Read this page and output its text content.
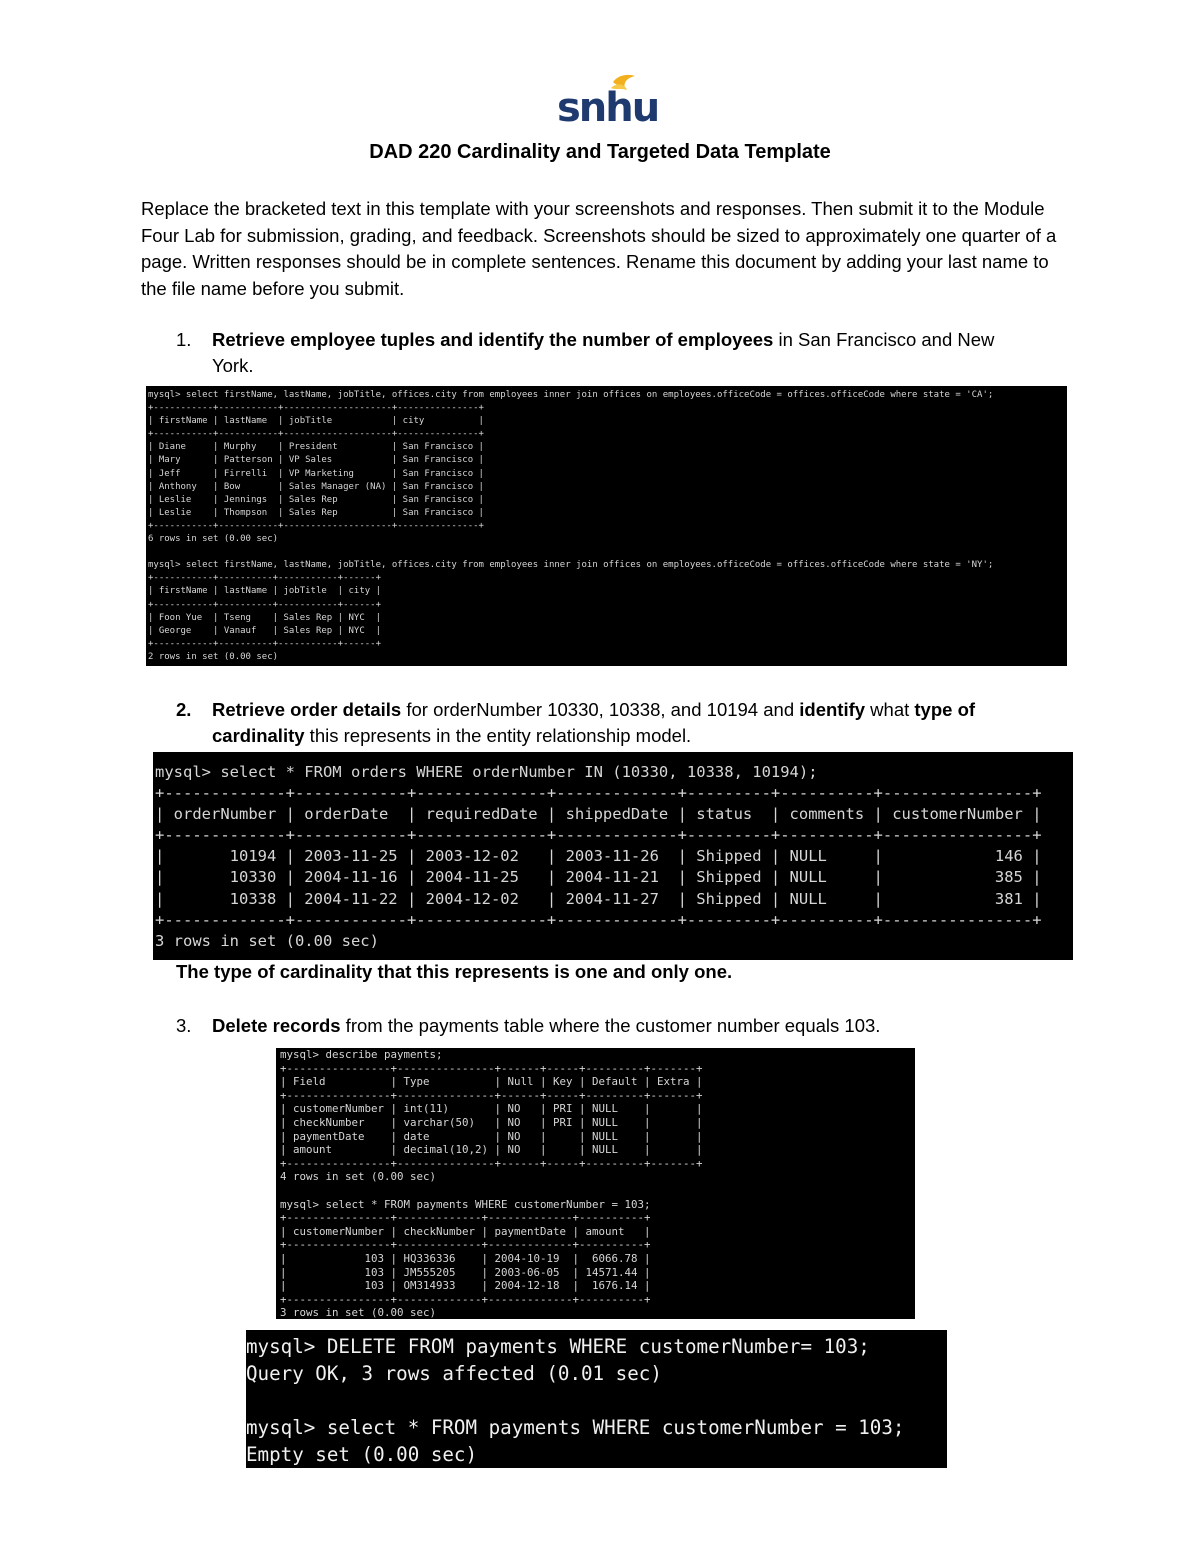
snhu
DAD 220 Cardinality and Targeted Data Template
Replace the bracketed text in this template with your screenshots and responses. Then submit it to the Module Four Lab for submission, grading, and feedback. Screenshots should be sized to approximately one quarter of a page. Written responses should be in complete sentences. Rename this document by adding your last name to the file name before you submit.
1. Retrieve employee tuples and identify the number of employees in San Francisco and New
York.
mysql> select firstName, lastName, jobTitle, offices.city from employees inner join offices on employees.officeCode = offices.officeCode where state = 'CA';
+-----------+-----------+--------------------+---------------+
| firstName | lastName  | jobTitle           | city          |
+-----------+-----------+--------------------+---------------+
| Diane     | Murphy    | President          | San Francisco |
| Mary      | Patterson | VP Sales           | San Francisco |
| Jeff      | Firrelli  | VP Marketing       | San Francisco |
| Anthony   | Bow       | Sales Manager (NA) | San Francisco |
| Leslie    | Jennings  | Sales Rep          | San Francisco |
| Leslie    | Thompson  | Sales Rep          | San Francisco |
+-----------+-----------+--------------------+---------------+
6 rows in set (0.00 sec)

mysql> select firstName, lastName, jobTitle, offices.city from employees inner join offices on employees.officeCode = offices.officeCode where state = 'NY';
+-----------+----------+-----------+------+
| firstName | lastName | jobTitle  | city |
+-----------+----------+-----------+------+
| Foon Yue  | Tseng    | Sales Rep | NYC  |
| George    | Vanauf   | Sales Rep | NYC  |
+-----------+----------+-----------+------+
2 rows in set (0.00 sec)
2. Retrieve order details for orderNumber 10330, 10338, and 10194 and identify what type of
cardinality this represents in the entity relationship model.
mysql> select * FROM orders WHERE orderNumber IN (10330, 10338, 10194);
+-------------+------------+--------------+-------------+---------+----------+----------------+
| orderNumber | orderDate  | requiredDate | shippedDate | status  | comments | customerNumber |
+-------------+------------+--------------+-------------+---------+----------+----------------+
|       10194 | 2003-11-25 | 2003-12-02   | 2003-11-26  | Shipped | NULL     |            146 |
|       10330 | 2004-11-16 | 2004-11-25   | 2004-11-21  | Shipped | NULL     |            385 |
|       10338 | 2004-11-22 | 2004-12-02   | 2004-11-27  | Shipped | NULL     |            381 |
+-------------+------------+--------------+-------------+---------+----------+----------------+
3 rows in set (0.00 sec)
The type of cardinality that this represents is one and only one.
3. Delete records from the payments table where the customer number equals 103.
mysql> describe payments;
+----------------+---------------+------+-----+---------+-------+
| Field          | Type          | Null | Key | Default | Extra |
+----------------+---------------+------+-----+---------+-------+
| customerNumber | int(11)       | NO   | PRI | NULL    |       |
| checkNumber    | varchar(50)   | NO   | PRI | NULL    |       |
| paymentDate    | date          | NO   |     | NULL    |       |
| amount         | decimal(10,2) | NO   |     | NULL    |       |
+----------------+---------------+------+-----+---------+-------+
4 rows in set (0.00 sec)

mysql> select * FROM payments WHERE customerNumber = 103;
+----------------+-------------+-------------+----------+
| customerNumber | checkNumber | paymentDate | amount   |
+----------------+-------------+-------------+----------+
|            103 | HQ336336    | 2004-10-19  |  6066.78 |
|            103 | JM555205    | 2003-06-05  | 14571.44 |
|            103 | OM314933    | 2004-12-18  |  1676.14 |
+----------------+-------------+-------------+----------+
3 rows in set (0.00 sec)
mysql> DELETE FROM payments WHERE customerNumber= 103;
Query OK, 3 rows affected (0.01 sec)

mysql> select * FROM payments WHERE customerNumber = 103;
Empty set (0.00 sec)
